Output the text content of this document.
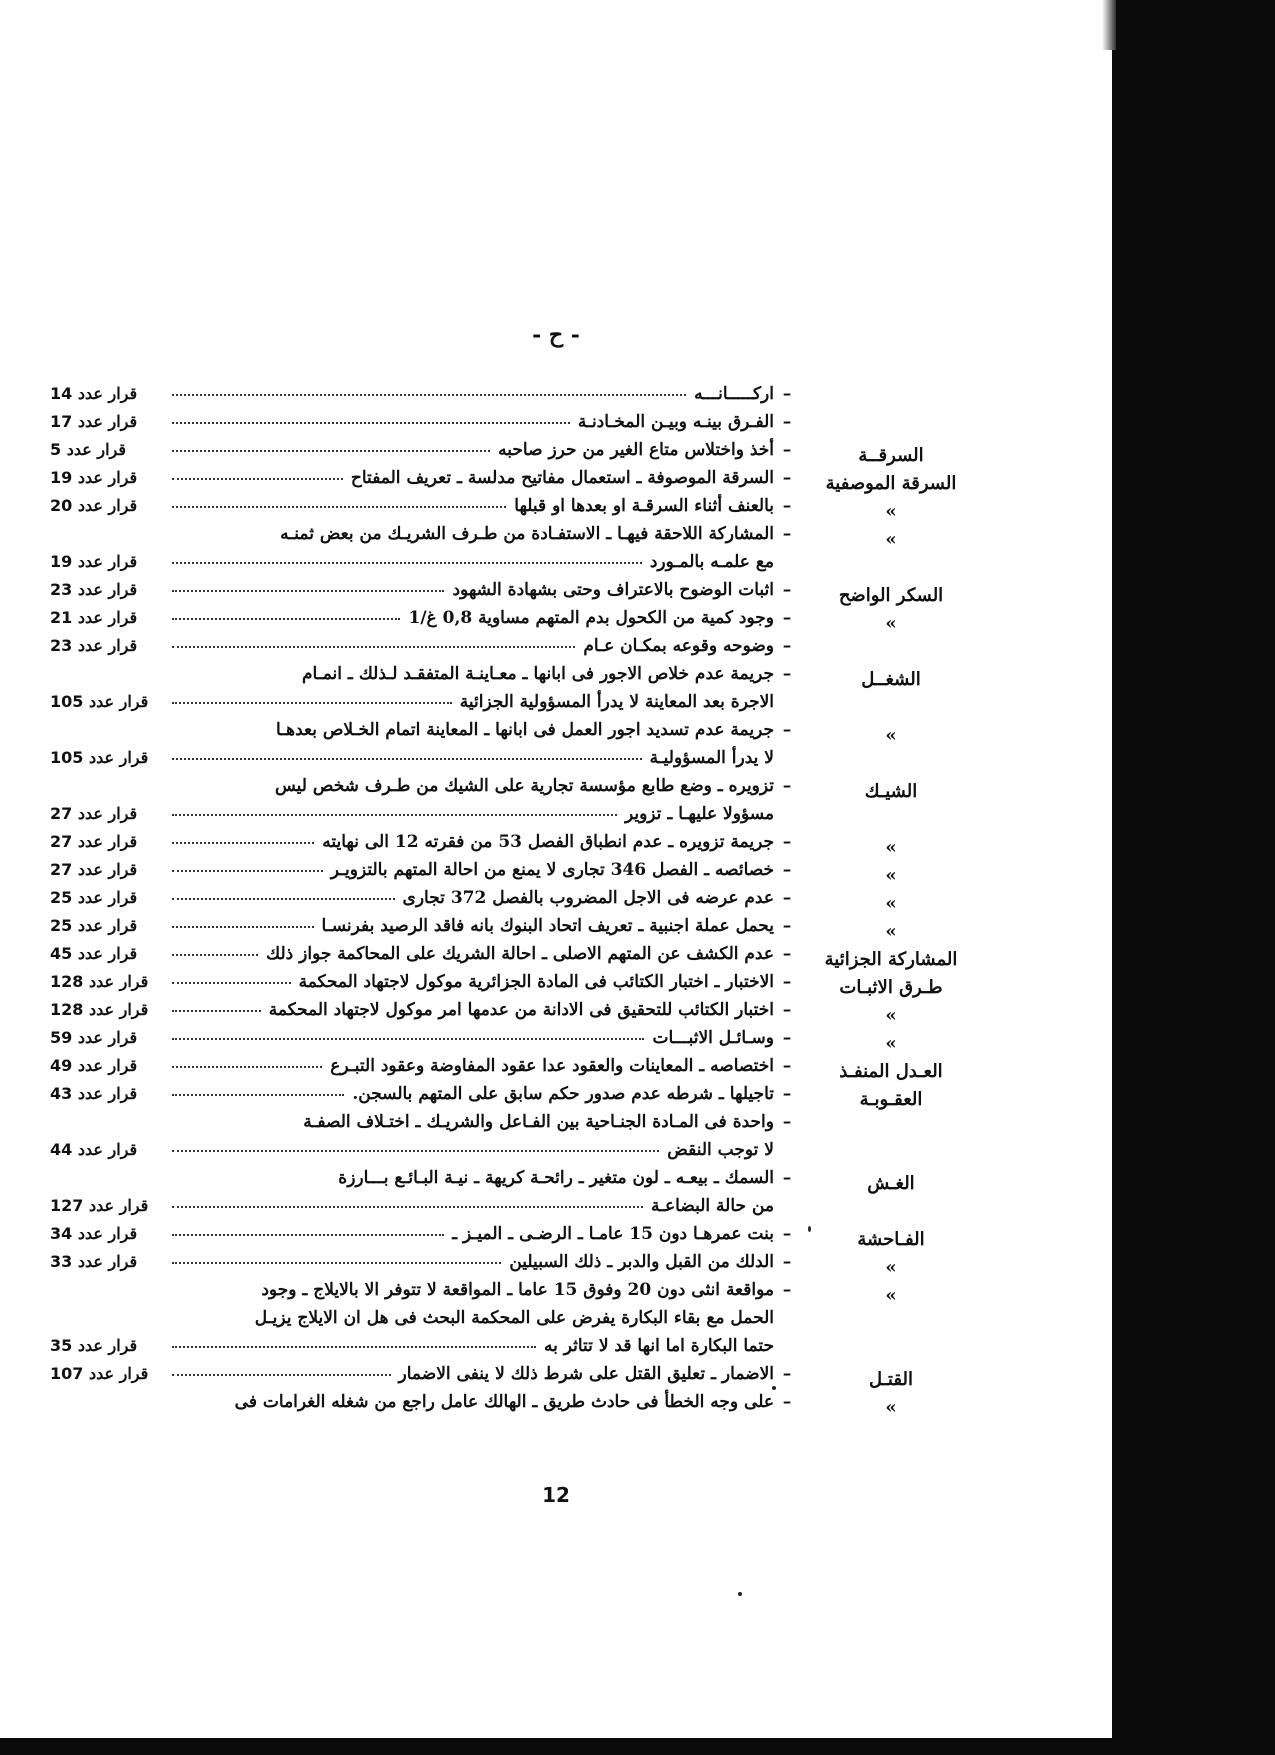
- ح -
–
اركـــــانـــه
قرار عدد 14
–
الفـرق بينـه وبيـن المخـادنـة
قرار عدد 17
السرقــة
–
أخذ واختلاس متاع الغير من حرز صاحبه
قرار عدد 5
السرقة الموصفية
–
السرقة الموصوفة ـ استعمال مفاتيح مدلسة ـ تعريف المفتاح
قرار عدد 19
»
–
بالعنف أثناء السرقـة او بعدها او قبلها
قرار عدد 20
»
–
المشاركة اللاحقة فيهـا ـ الاستفـادة من طـرف الشريـك من بعض ثمنـه
مع علمـه بالمـورد
قرار عدد 19
السكر الواضح
–
اثبات الوضوح بالاعتراف وحتى بشهادة الشهود
قرار عدد 23
»
–
وجود كمية من الكحول بدم المتهم مساوية 0,8 غ/1
قرار عدد 21
–
وضوحه وقوعه بمكـان عـام
قرار عدد 23
الشغــل
–
جريمة عدم خلاص الاجور فى ابانها ـ معـاينـة المتفقـد لـذلك ـ انمـام
الاجرة بعد المعاينة لا يدرأ المسؤولية الجزائية
قرار عدد 105
»
–
جريمة عدم تسديد اجور العمل فى ابانها ـ المعاينة اتمام الخـلاص بعدهـا
لا يدرأ المسؤوليـة
قرار عدد 105
الشيـك
–
تزويره ـ وضع طابع مؤسسة تجارية على الشيك من طـرف شخص ليس
مسؤولا عليهـا ـ تزوير
قرار عدد 27
»
–
جريمة تزويره ـ عدم انطباق الفصل 53 من فقرته 12 الى نهايته
قرار عدد 27
»
–
خصائصه ـ الفصل 346 تجارى لا يمنع من احالة المتهم بالتزويـر
قرار عدد 27
»
–
عدم عرضه فى الاجل المضروب بالفصل 372 تجارى
قرار عدد 25
»
–
يحمل عملة اجنبية ـ تعريف اتحاد البنوك بانه فاقد الرصيد بفرنسـا
قرار عدد 25
المشاركة الجزائية
–
عدم الكشف عن المتهم الاصلى ـ احالة الشريك على المحاكمة جواز ذلك
قرار عدد 45
طـرق الاثبـات
–
الاختبار ـ اختبار الكتائب فى المادة الجزائرية موكول لاجتهاد المحكمة
قرار عدد 128
»
–
اختبار الكتائب للتحقيق فى الادانة من عدمها امر موكول لاجتهاد المحكمة
قرار عدد 128
»
–
وسـائـل الاثبـــات
قرار عدد 59
العـدل المنفـذ
–
اختصاصه ـ المعاينات والعقود عدا عقود المفاوضة وعقود التبـرع
قرار عدد 49
العقـوبـة
–
تاجيلها ـ شرطه عدم صدور حكم سابق على المتهم بالسجن.
قرار عدد 43
–
واحدة فى المـادة الجنـاحية بين الفـاعل والشريـك ـ اختـلاف الصفـة
لا توجب النقض
قرار عدد 44
الغـش
–
السمك ـ بيعـه ـ لون متغير ـ رائحـة كريهة ـ نيـة البـائـع بـــارزة
من حالة البضاعـة
قرار عدد 127
الفـاحشة
–
بنت عمرهـا دون 15 عامـا ـ الرضـى ـ الميـز ـ
قرار عدد 34
»
–
الدلك من القبل والدبر ـ ذلك السبيلين
قرار عدد 33
»
–
مواقعة انثى دون 20 وفوق 15 عاما ـ المواقعة لا تتوفر الا بالايلاج ـ وجود
الحمل مع بقاء البكارة يفرض على المحكمة البحث فى هل ان الايلاج يزيـل
حتما البكارة اما انها قد لا تتاثر به
قرار عدد 35
القتـل
–
الاضمار ـ تعليق القتل على شرط ذلك لا ينفى الاضمار
قرار عدد 107
»
–
على وجه الخطأ فى حادث طريق ـ الهالك عامل راجع من شغله الغرامات فى
12
